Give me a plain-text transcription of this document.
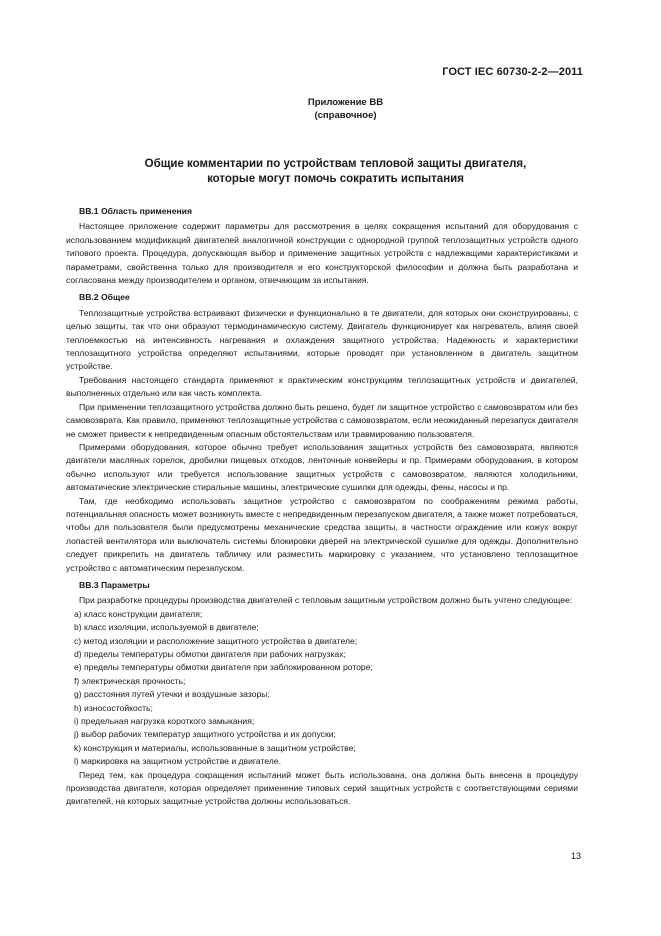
ГОСТ IEC 60730-2-2—2011
Приложение ВВ
(справочное)
Общие комментарии по устройствам тепловой защиты двигателя,
которые могут помочь сократить испытания

ВВ.1 Область применения

Настоящее приложение содержит параметры для рассмотрения в целях сокращения испытаний для оборудования с использованием модификаций двигателей аналогичной конструкции с однородной группой теплозащитных устройств одного типового проекта. Процедура, допускающая выбор и применение защитных устройств с надлежащими характеристиками и параметрами, свойственна только для производителя и его конструкторской философии и должна быть разработана и согласована между производителем и органом, отвечающим за испытания.

ВВ.2 Общее

Теплозащитные устройства встраивают физически и функционально в те двигатели, для которых они сконструированы, с целью защиты, так что они образуют термодинамическую систему. Двигатель функционирует как нагреватель, влияя своей теплоемкостью на интенсивность нагревания и охлаждения защитного устройства. Надежность и характеристики теплозащитного устройства определяют испытаниями, которые проводят при установленном в двигатель защитном устройстве.

Требования настоящего стандарта применяют к практическим конструкциям теплозащитных устройств и двигателей, выполненных отдельно или как часть комплекта.

При применении теплозащитного устройства должно быть решено, будет ли защитное устройство с самовозвратом или без самовозврата. Как правило, применяют теплозащитные устройства с самовозвратом, если неожиданный перезапуск двигателя не сможет привести к непредвиденным опасным обстоятельствам или травмированию пользователя.

Примерами оборудования, которое обычно требует использования защитных устройств без самовозврата, являются двигатели масляных горелок, дробилки пищевых отходов, ленточные конвейеры и пр. Примерами оборудования, в котором обычно используют или требуется использование защитных устройств с самовозвратом, являются холодильники, автоматические электрические стиральные машины, электрические сушилки для одежды, фены, насосы и пр.

Там, где необходимо использовать защитное устройство с самовозвратом по соображениям режима работы, потенциальная опасность может возникнуть вместе с непредвиденным перезапуском двигателя, а также может потребоваться, чтобы для пользователя были предусмотрены механические средства защиты, в частности ограждение или кожух вокруг лопастей вентилятора или выключатель системы блокировки дверей на электрической сушилке для одежды. Дополнительно следует прикрепить на двигатель табличку или разместить маркировку с указанием, что установлено теплозащитное устройство с автоматическим перезапуском.

ВВ.3 Параметры

При разработке процедуры производства двигателей с тепловым защитным устройством должно быть учтено следующее:

a) класс конструкции двигателя;
b) класс изоляции, используемой в двигателе;
c) метод изоляции и расположение защитного устройства в двигателе;
d) пределы температуры обмотки двигателя при рабочих нагрузках;
e) пределы температуры обмотки двигателя при заблокированном роторе;
f) электрическая прочность;
g) расстояния путей утечки и воздушные зазоры;
h) износостойкость;
i) предельная нагрузка короткого замыкания;
j) выбор рабочих температур защитного устройства и их допуски;
k) конструкция и материалы, использованные в защитном устройстве;
l) маркировка на защитном устройстве и двигателе.

Перед тем, как процедура сокращения испытаний может быть использована, она должна быть внесена в процедуру производства двигателя, которая определяет применение типовых серий защитных устройств с соответствующими сериями двигателей, на которых защитные устройства должны использоваться.

13
